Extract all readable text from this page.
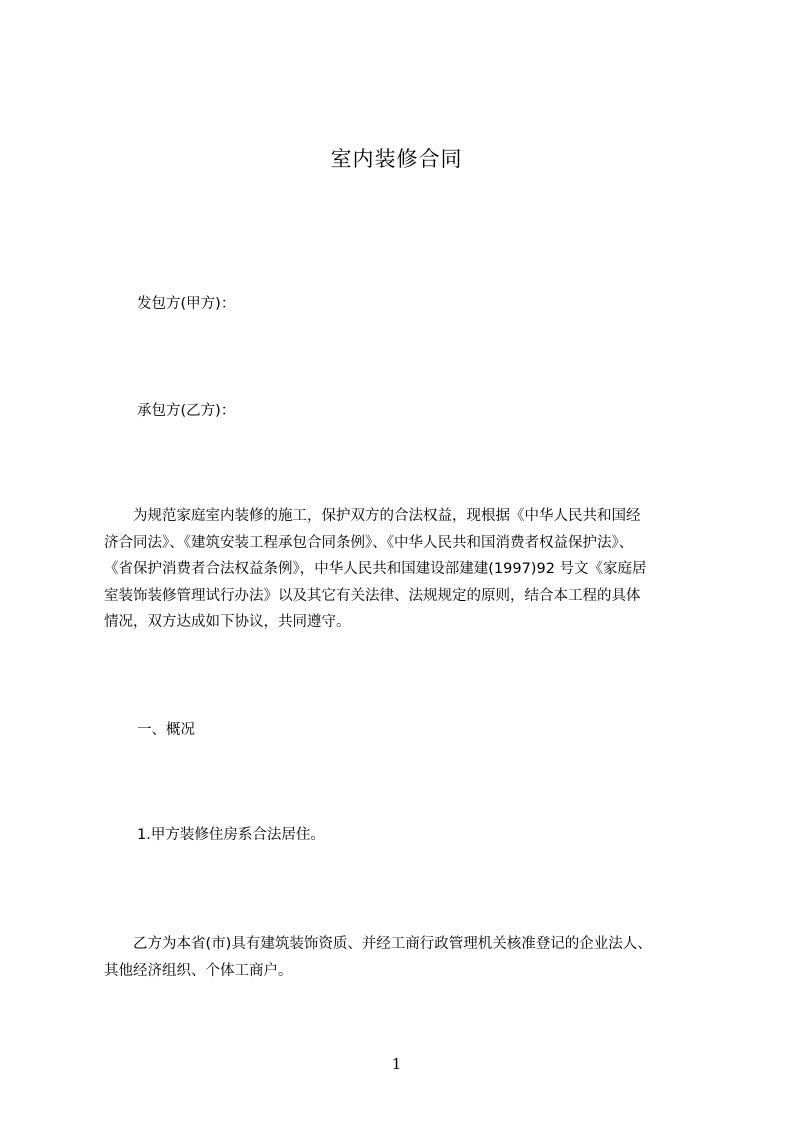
室内装修合同
发包方(甲方)：
承包方(乙方)：
　　为规范家庭室内装修的施工，保护双方的合法权益，现根据《中华人民共和国经
济合同法》、《建筑安装工程承包合同条例》、《中华人民共和国消费者权益保护法》、
《省保护消费者合法权益条例》，中华人民共和国建设部建建(1997)92 号文《家庭居
室装饰装修管理试行办法》以及其它有关法律、法规规定的原则，结合本工程的具体
情况，双方达成如下协议，共同遵守。
一、概况
1.甲方装修住房系合法居住。
　　乙方为本省(市)具有建筑装饰资质、并经工商行政管理机关核准登记的企业法人、
其他经济组织、个体工商户。
1
